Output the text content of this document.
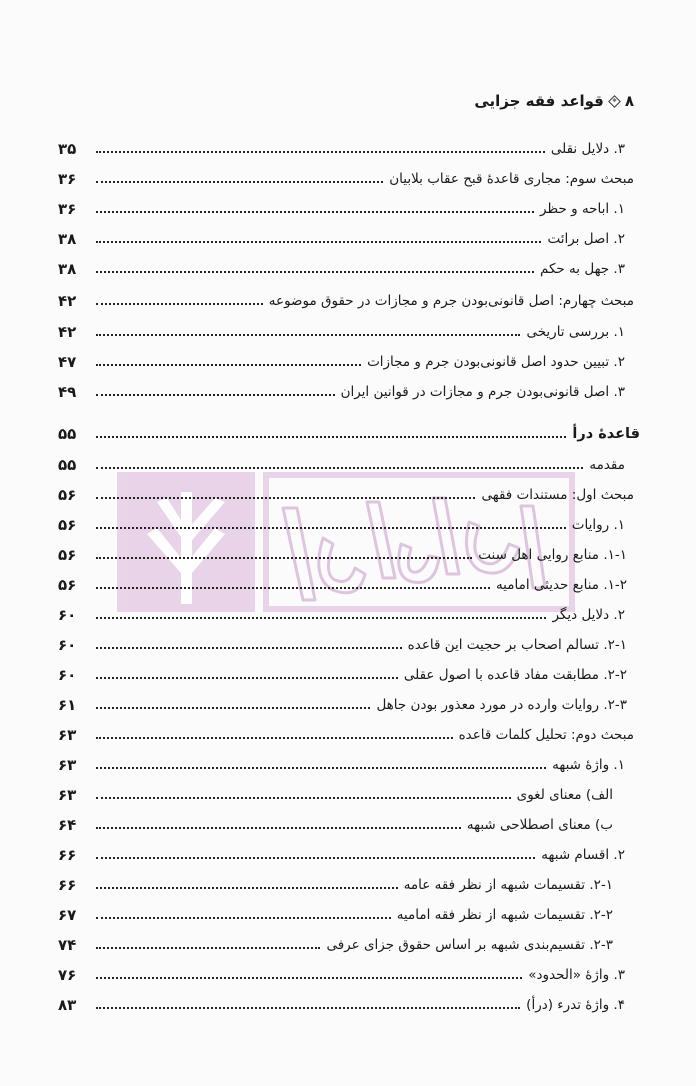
۸
قواعد فقه جزایی
۳. دلایل نقلی
۳۵
مبحث سوم: مجاری قاعدهٔ قبح عقاب بلابیان
۳۶
۱. اباحه و حظر
۳۶
۲. اصل برائت
۳۸
۳. جهل به حکم
۳۸
مبحث چهارم: اصل قانونی‌بودن جرم و مجازات در حقوق موضوعه
۴۲
۱. بررسی تاریخی
۴۲
۲. تبیین حدود اصل قانونی‌بودن جرم و مجازات
۴۷
۳. اصل قانونی‌بودن جرم و مجازات در قوانین ایران
۴۹
قاعدهٔ درأ
۵۵
مقدمه
۵۵
مبحث اول: مستندات فقهی
۵۶
۱. روایات
۵۶
۱-۱. منابع روایی اهل سنت
۵۶
۱-۲. منابع حدیثی امامیه
۵۶
۲. دلایل دیگر
۶۰
۲-۱. تسالم اصحاب بر حجیت این قاعده
۶۰
۲-۲. مطابقت مفاد قاعده با اصول عقلی
۶۰
۲-۳. روایات وارده در مورد معذور بودن جاهل
۶۱
مبحث دوم: تحلیل کلمات قاعده
۶۳
۱. واژهٔ شبهه
۶۳
الف) معنای لغوی
۶۳
ب) معنای اصطلاحی شبهه
۶۴
۲. اقسام شبهه
۶۶
۲-۱. تقسیمات شبهه از نظر فقه عامه
۶۶
۲-۲. تقسیمات شبهه از نظر فقه امامیه
۶۷
۲-۳. تقسیم‌بندی شبهه بر اساس حقوق جزای عرفی
۷۴
۳. واژهٔ «الحدود»
۷۶
۴. واژهٔ تدرء (درأ)
۸۳
